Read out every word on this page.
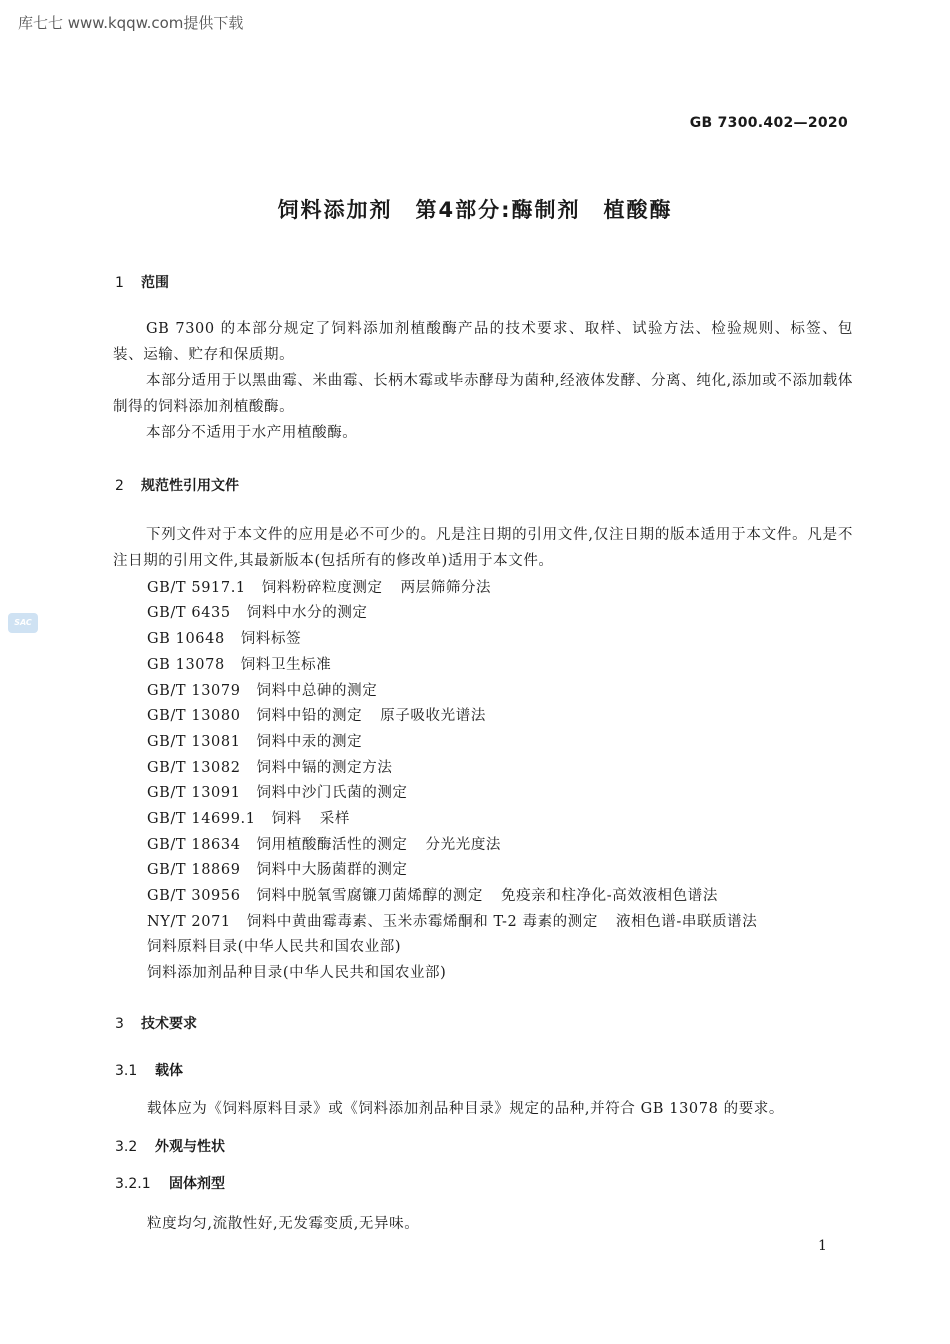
库七七 www.kqqw.com提供下载
SAC
GB 7300.402—2020
饲料添加剂　第4部分:酶制剂　植酸酶
1 范围

GB 7300 的本部分规定了饲料添加剂植酸酶产品的技术要求、取样、试验方法、检验规则、标签、包装、运输、贮存和保质期。

本部分适用于以黑曲霉、米曲霉、长柄木霉或毕赤酵母为菌种,经液体发酵、分离、纯化,添加或不添加载体制得的饲料添加剂植酸酶。

本部分不适用于水产用植酸酶。

2 规范性引用文件

下列文件对于本文件的应用是必不可少的。凡是注日期的引用文件,仅注日期的版本适用于本文件。凡是不注日期的引用文件,其最新版本(包括所有的修改单)适用于本文件。

GB/T 5917.1 饲料粉碎粒度测定 两层筛筛分法
GB/T 6435 饲料中水分的测定
GB 10648 饲料标签
GB 13078 饲料卫生标准
GB/T 13079 饲料中总砷的测定
GB/T 13080 饲料中铅的测定 原子吸收光谱法
GB/T 13081 饲料中汞的测定
GB/T 13082 饲料中镉的测定方法
GB/T 13091 饲料中沙门氏菌的测定
GB/T 14699.1 饲料 采样
GB/T 18634 饲用植酸酶活性的测定 分光光度法
GB/T 18869 饲料中大肠菌群的测定
GB/T 30956 饲料中脱氧雪腐镰刀菌烯醇的测定 免疫亲和柱净化-高效液相色谱法
NY/T 2071 饲料中黄曲霉毒素、玉米赤霉烯酮和 T-2 毒素的测定 液相色谱-串联质谱法
饲料原料目录(中华人民共和国农业部)
饲料添加剂品种目录(中华人民共和国农业部)
3 技术要求
3.1 载体
载体应为《饲料原料目录》或《饲料添加剂品种目录》规定的品种,并符合 GB 13078 的要求。
3.2 外观与性状
3.2.1 固体剂型
粒度均匀,流散性好,无发霉变质,无异味。
1
